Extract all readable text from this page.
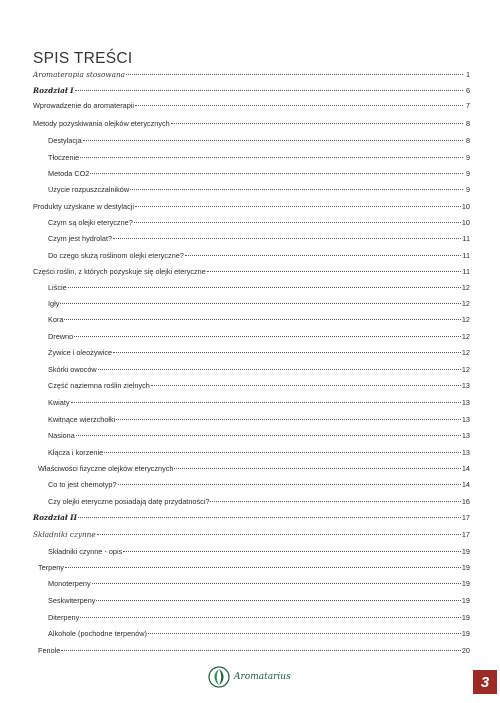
SPIS TREŚCI
Aromaterapia stosowana	1
Rozdział I	6
Wprowadzenie do aromaterapii	7
Metody pozyskiwania olejków eterycznych	8
Destylacja	8
Tłoczenie	9
Metoda CO2	9
Użycie rozpuszczalników	9
Produkty uzyskane w destylacji	10
Czym są olejki eteryczne?	10
Czym jest hydrolat?	11
Do czego służą roślinom olejki eteryczne?	11
Części roślin, z których pozyskuje się olejki eteryczne	11
Liście	12
Igły	12
Kora	12
Drewno	12
Żywice i oleożywice	12
Skórki owoców	12
Część naziemna roślin zielnych	13
Kwiaty	13
Kwitnące wierzchołki	13
Nasiona	13
Kłącza i korzenie	13
Właściwości fizyczne olejków eterycznych	14
Co to jest chemotyp?	14
Czy olejki eteryczne posiadają datę przydatności?	16
Rozdział II	17
Składniki czynne	17
Składniki czynne - opis	19
Terpeny	19
Monoterpeny	19
Seskwiterpeny	19
Diterpeny	19
Alkohole (pochodne terpenów)	19
Fenole	20
Aromatarius	3
